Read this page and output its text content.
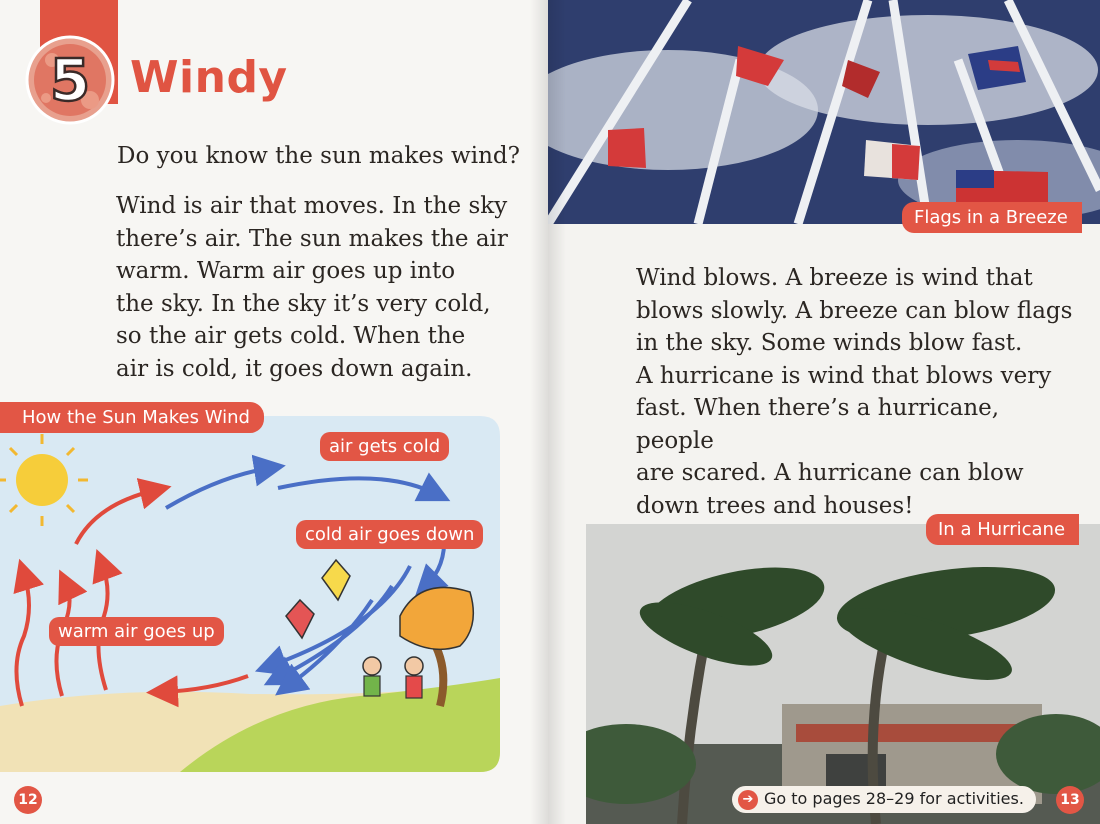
5 Windy
Do you know the sun makes wind?
Wind is air that moves. In the sky
there’s air. The sun makes the air
warm. Warm air goes up into
the sky. In the sky it’s very cold,
so the air gets cold. When the
air is cold, it goes down again.
How the Sun Makes Wind
air gets cold
cold air goes down
warm air goes up
12
Flags in a Breeze
Wind blows. A breeze is wind that
blows slowly. A breeze can blow flags
in the sky. Some winds blow fast.
A hurricane is wind that blows very
fast. When there’s a hurricane, people
are scared. A hurricane can blow
down trees and houses!
In a Hurricane
13
➔ Go to pages 28–29 for activities.
